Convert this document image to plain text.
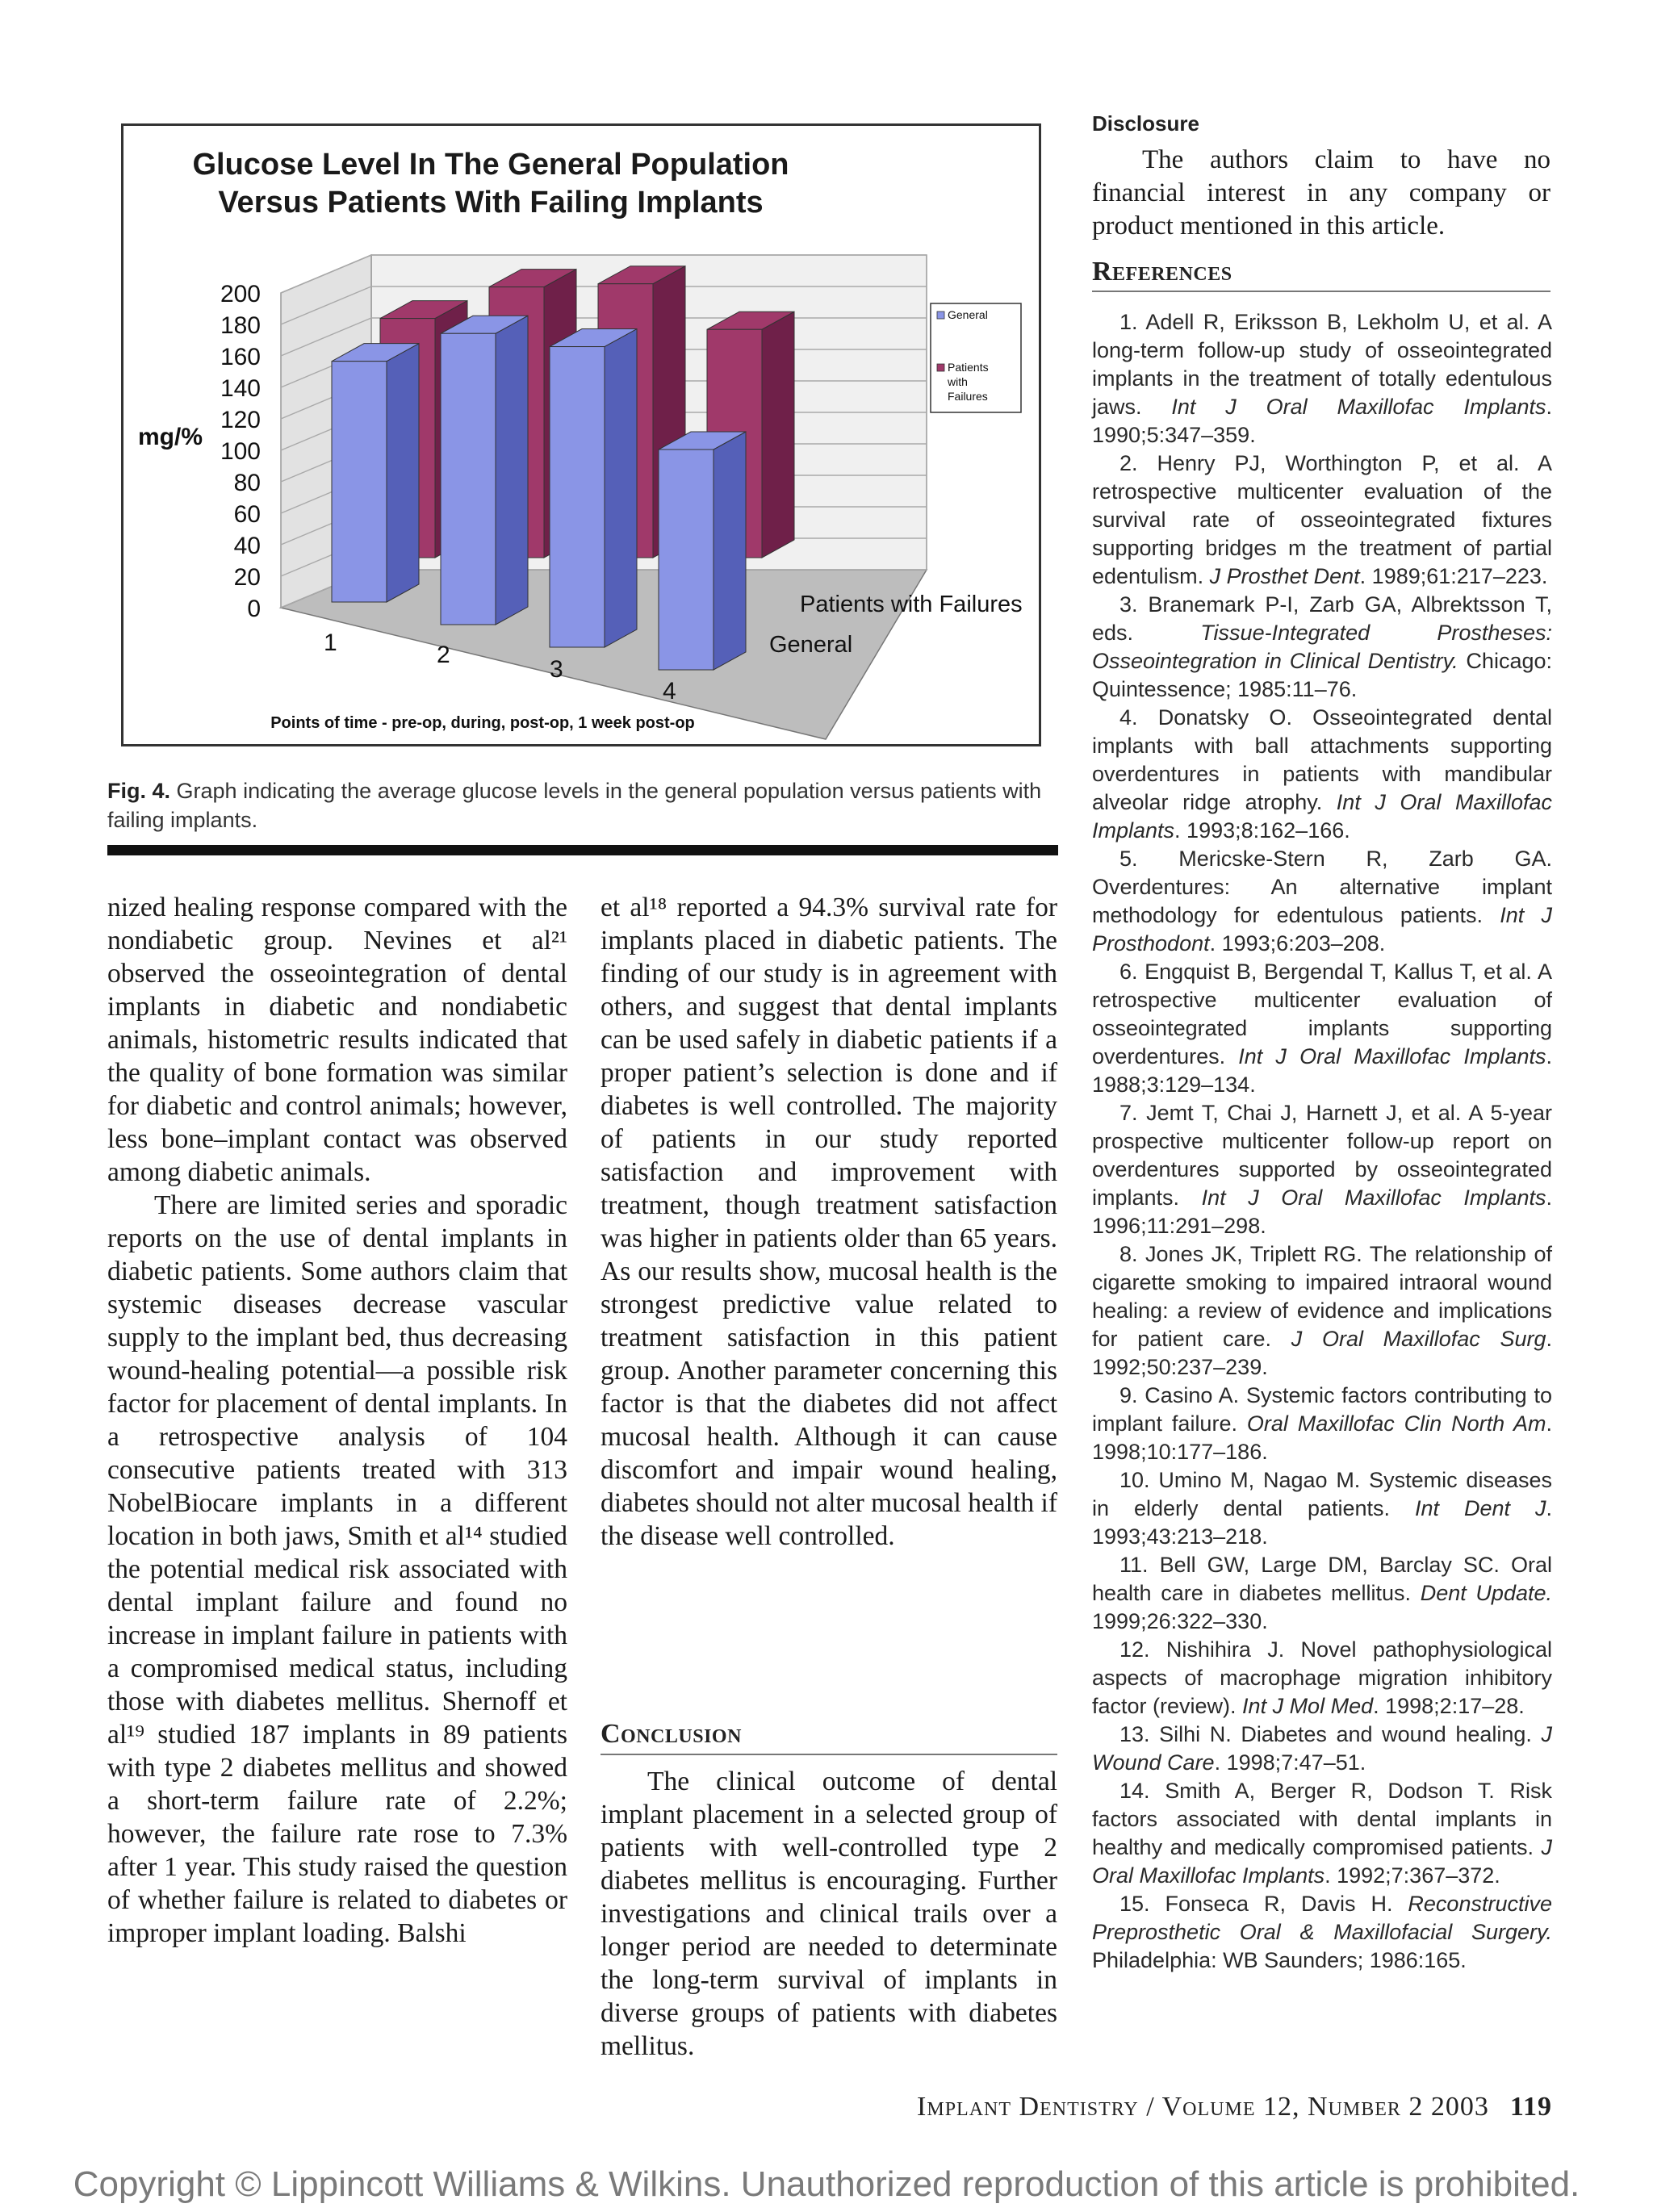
0
20
40
60
80
100
120
140
160
180
200
1	2
3
4
General
Patients with Failures
Glucose Level In The General Population
Versus Patients With Failing Implants
mg/%
Points of time - pre-op, during, post-op, 1 week post-op
General
Patients with Failures
Fig. 4. Graph indicating the average glucose levels in the general population versus patients with failing implants.

nized healing response compared with the nondiabetic group. Nevines et al²¹ observed the osseointegration of dental implants in diabetic and nondiabetic animals, histometric results indicated that the quality of bone formation was similar for diabetic and control animals; however, less bone–implant contact was observed among diabetic animals.

There are limited series and sporadic reports on the use of dental implants in diabetic patients. Some authors claim that systemic diseases decrease vascular supply to the implant bed, thus decreasing wound-healing potential—a possible risk factor for placement of dental implants. In a retrospective analysis of 104 consecutive patients treated with 313 NobelBiocare implants in a different location in both jaws, Smith et al¹⁴ studied the potential medical risk associated with dental implant failure and found no increase in implant failure in patients with a compromised medical status, including those with diabetes mellitus. Shernoff et al¹⁹ studied 187 implants in 89 patients with type 2 diabetes mellitus and showed a short-term failure rate of 2.2%; however, the failure rate rose to 7.3% after 1 year. This study raised the question of whether failure is related to diabetes or improper implant loading. Balshi

et al¹⁸ reported a 94.3% survival rate for implants placed in diabetic patients. The finding of our study is in agreement with others, and suggest that dental implants can be used safely in diabetic patients if a proper patient’s selection is done and if diabetes is well controlled. The majority of patients in our study reported satisfaction and improvement with treatment, though treatment satisfaction was higher in patients older than 65 years. As our results show, mucosal health is the strongest predictive value related to treatment satisfaction in this patient group. Another parameter concerning this factor is that the diabetes did not affect mucosal health. Although it can cause discomfort and impair wound healing, diabetes should not alter mucosal health if the disease well controlled.

Conclusion

The clinical outcome of dental implant placement in a selected group of patients with well-controlled type 2 diabetes mellitus is encouraging. Further investigations and clinical trails over a longer period are needed to determinate the long-term survival of implants in diverse groups of patients with diabetes mellitus.

Disclosure

The authors claim to have no financial interest in any company or product mentioned in this article.

References
1. Adell R, Eriksson B, Lekholm U, et al. A long-term follow-up study of osseointegrated implants in the treatment of totally edentulous jaws. Int J Oral Maxillofac Implants. 1990;5:347–359.
2. Henry PJ, Worthington P, et al. A retrospective multicenter evaluation of the survival rate of osseointegrated fixtures supporting bridges m the treatment of partial edentulism. J Prosthet Dent. 1989;61:217–223.
3. Branemark P-I, Zarb GA, Albrektsson T, eds. Tissue-Integrated Prostheses: Osseointegration in Clinical Dentistry. Chicago: Quintessence; 1985:11–76.
4. Donatsky O. Osseointegrated dental implants with ball attachments supporting overdentures in patients with mandibular alveolar ridge atrophy. Int J Oral Maxillofac Implants. 1993;8:162–166.
5. Mericske-Stern R, Zarb GA. Overdentures: An alternative implant methodology for edentulous patients. Int J Prosthodont. 1993;6:203–208.
6. Engquist B, Bergendal T, Kallus T, et al. A retrospective multicenter evaluation of osseointegrated implants supporting overdentures. Int J Oral Maxillofac Implants. 1988;3:129–134.
7. Jemt T, Chai J, Harnett J, et al. A 5-year prospective multicenter follow-up report on overdentures supported by osseointegrated implants. Int J Oral Maxillofac Implants. 1996;11:291–298.
8. Jones JK, Triplett RG. The relationship of cigarette smoking to impaired intraoral wound healing: a review of evidence and implications for patient care. J Oral Maxillofac Surg. 1992;50:237–239.
9. Casino A. Systemic factors contributing to implant failure. Oral Maxillofac Clin North Am. 1998;10:177–186.
10. Umino M, Nagao M. Systemic diseases in elderly dental patients. Int Dent J. 1993;43:213–218.
11. Bell GW, Large DM, Barclay SC. Oral health care in diabetes mellitus. Dent Update. 1999;26:322–330.
12. Nishihira J. Novel pathophysiological aspects of macrophage migration inhibitory factor (review). Int J Mol Med. 1998;2:17–28.
13. Silhi N. Diabetes and wound healing. J Wound Care. 1998;7:47–51.
14. Smith A, Berger R, Dodson T. Risk factors associated with dental implants in healthy and medically compromised patients. J Oral Maxillofac Implants. 1992;7:367–372.
15. Fonseca R, Davis H. Reconstructive Preprosthetic Oral & Maxillofacial Surgery. Philadelphia: WB Saunders; 1986:165.
Implant Dentistry / Volume 12, Number 2 2003 119
Copyright © Lippincott Williams & Wilkins. Unauthorized reproduction of this article is prohibited.
